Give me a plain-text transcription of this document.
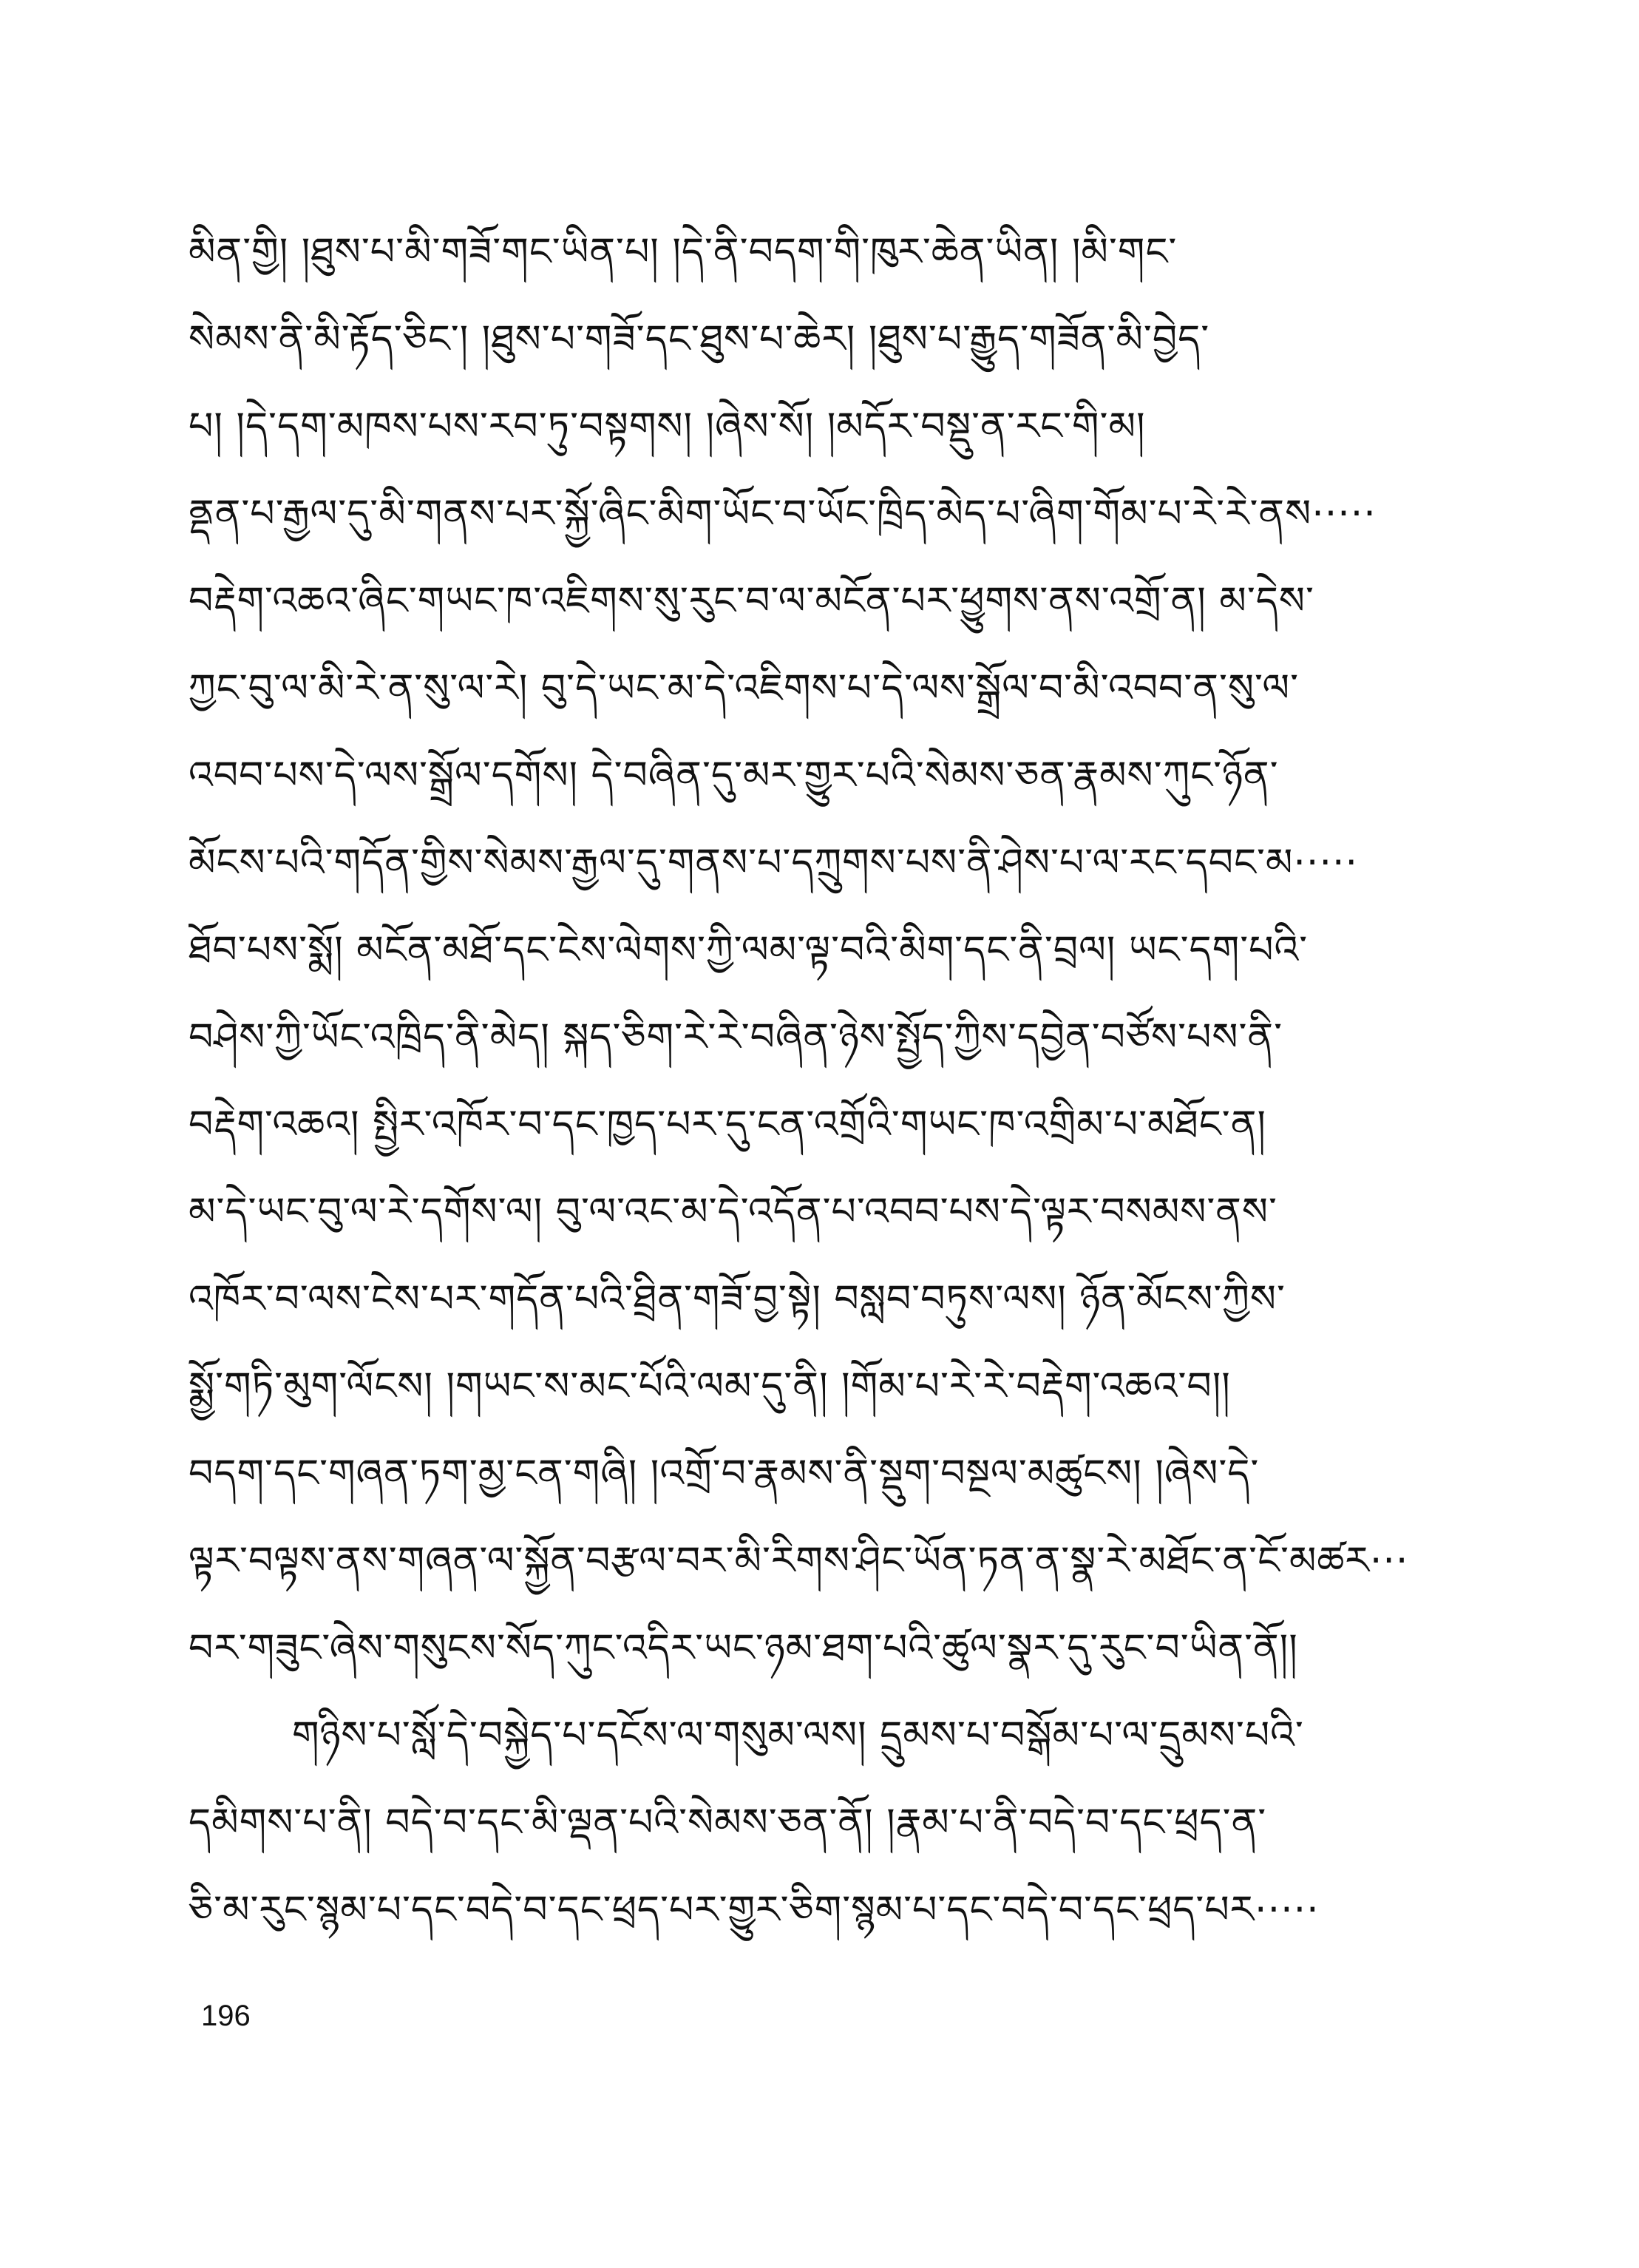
མིན་གྱི། །ཐུས་པ་མི་གཟོ་གང་ཡིན་པ། །དེ་ནི་བདག་གི་ཁུར་ཆེན་ཡིན། །མི་གང་
སེམས་ནི་མི་རྟོད་ཅིང་། །ཐུས་པ་གཟོ་དང་ཐུས་པ་ཆེར། །ཐུས་པ་རྒྱུད་གཟོན་མི་བྱེད་
པ། །དེ་དག་མཁས་པས་རབ་ཏུ་བསྟགས། །ཞེས་སོ། །མདོར་བསྡུ་ན་རང་གི་མ།
ནྡན་པ་རྒྱལ་དུ་མི་གནས་པར་སྐྱོ་ཞིང་མིག་ཡོང་བ་ཡོང་ཁྲིད་མེད་པ་ཞིག་གོམ་པ་རེ་རེ་ནས·····
བརྡེག་འཆའ་ཞིང་གཡང་ཁ་འཇིགས་སུ་རུང་བ་ལ་མངོན་པར་ཕྱུགས་ནས་འགྲོ་ན། མ་དེས་
ཀྱང་བུ་ལ་མི་རེ་ན་སུ་ལ་རེ། བུ་དེ་ཡང་མ་དེ་འཇིགས་པ་དེ་ལས་སྒྲོལ་བ་མི་འབབ་ན་སུ་ལ་
འབབ་པས་དེ་ལས་སྒྲོལ་དགོས། དེ་བཞིན་དུ་མར་གྱུར་པའི་སེམས་ཅན་རྣམས་ཀུང་ཉོན་
མོངས་པའི་གདོན་གྱིས་སེམས་རྒྱལ་དུ་གནས་པ་དཀྲུགས་པས་ནི་ཤེས་པ་ལ་རང་དབང་མ·····
ཐོབ་པས་སྨོ། མངོན་མཐོ་དང་ངེས་ལེགས་ཀྱི་ལམ་ལྟ་བའི་མིག་དང་ནི་བྲལ། ཡང་དག་པའི་
བཤེས་ཀྱི་ཡོང་འཁྲིད་ནི་མེད། སྐད་ཅིག་རེ་རེ་བཞིན་ཉེས་སྤྱོད་ཀྱིས་དབྱེན་བཙོས་པས་ནི་
བརྡེག་འཆའ། སྤྱིར་འཁོར་བ་དང་ཁྱད་པར་དུ་ངན་འགྲོའི་གཡང་ཁ་འགྲིམ་པ་མཐོང་ན།
མ་དེ་ཡང་བུ་ལ་རེ་དགོས་ལ། བུ་ལ་འང་མ་དེ་འདོན་པ་འབབ་པས་དེ་ལྟར་བསམས་ནས་
འཁོར་བ་ལས་ངེས་པར་གདོན་པའི་ཐྲིན་གཟོ་བྱ་སྟེ། བསླབ་བཏུས་ལས། ཉོན་མོངས་ཀྱིས་
སྨྱོ་གཏི་མུག་ལོངས། །གཡང་ས་མང་པོའི་ལམ་དུ་ནི། །གོམ་པ་རེ་རེ་བརྡེག་འཆའ་བ།།
བདག་དང་གཞན་ཏག་མྱ་ངན་གཞི། །འགྲོ་བ་རྣམས་ནི་སྡུག་བསྔལ་མཚུངས། །ཞེས་དེ་
ལྟར་བལྟས་ནས་གཞན་ལ་སྐྱོན་བརྩལ་བར་མི་རིགས་ཤིང་ཡོན་ཏན་ན་སྣ་རེ་མཐོང་ན་ངོ་མཚར···
བར་གཟུང་ཞེས་གསུངས་སོད་ཀུང་འདིར་ཡང་ཉམ་ཐག་པའི་ཚུལ་སྣར་དུ་རུང་བ་ཡིན་ནོ།།
གཉིས་པ་སློ་དེ་བསྐྱེད་པ་དངོས་ལ་གསུམ་ལས། དྲུམས་པ་བསྒོམ་པ་ལ་དྲུམས་པའི་
དམིགས་པ་ནི། བདེ་བ་དང་མི་ལྡན་པའི་སེམས་ཅན་ནོ། །རྣམ་པ་ནི་བདེ་བ་དང་ཕྲད་ན་
ཅི་མ་རུང་སྙམ་པ་དང་བདེ་བ་དང་ཕྲད་པར་གྱུར་ཅིག་སྙམ་པ་དང་བདེ་བ་དང་ཕྲད་པར·····
196
